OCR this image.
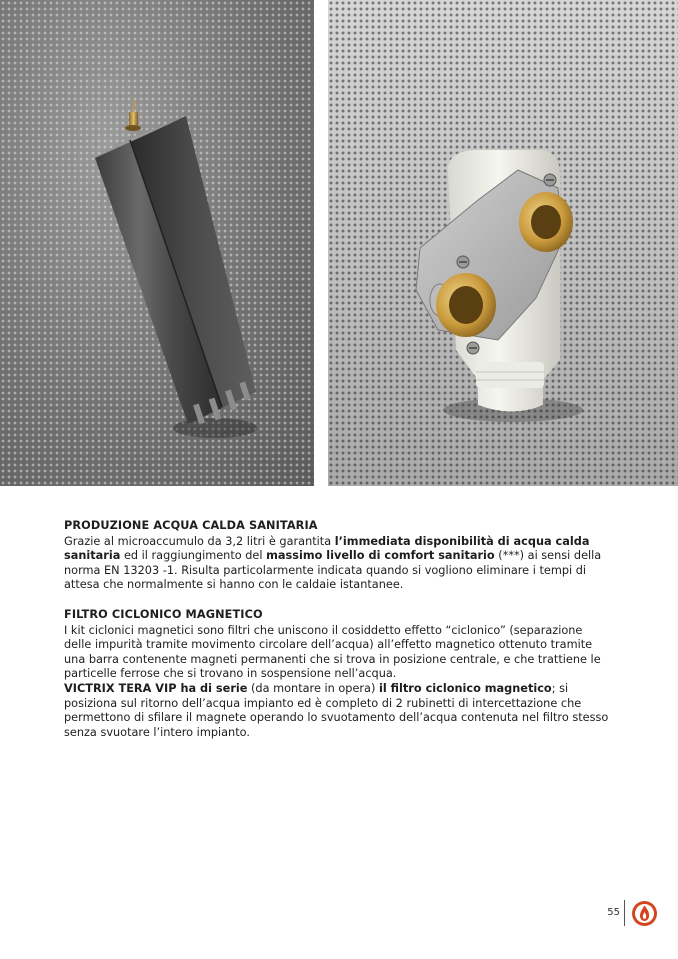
PRODUZIONE ACQUA CALDA SANITARIA

Grazie al microaccumulo da 3,2 litri è garantita l’immediata disponibilità di acqua calda sanitaria ed il raggiungimento del massimo livello di comfort sanitario (***) ai sensi della norma EN 13203 -1. Risulta particolarmente indicata quando si vogliono eliminare i tempi di attesa che normalmente si hanno con le caldaie istantanee.

FILTRO CICLONICO MAGNETICO

I kit ciclonici magnetici sono filtri che uniscono il cosiddetto effetto “ciclonico” (separazione delle impurità tramite movimento circolare dell’acqua) all’effetto magnetico ottenuto tramite una barra contenente magneti permanenti che si trova in posizione centrale, e che trattiene le particelle ferrose che si trovano in sospensione nell’acqua.

VICTRIX TERA VIP ha di serie (da montare in opera) il filtro ciclonico magnetico; si posiziona sul ritorno dell’acqua impianto ed è completo di 2 rubinetti di intercettazione che permettono di sfilare il magnete operando lo svuotamento dell’acqua contenuta nel filtro stesso senza svuotare l’intero impianto.

55
